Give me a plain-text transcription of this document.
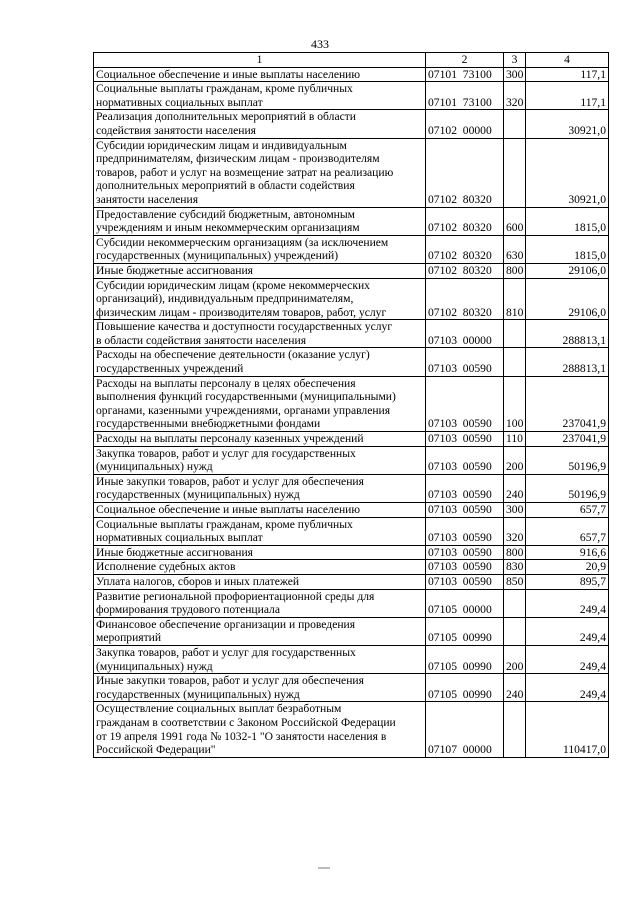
433
1	2	3	4
Социальное обеспечение и иные выплаты населению	07101  73100	300	117,1
Социальные выплаты гражданам, кроме публичных
нормативных социальных выплат	07101  73100	320	117,1
Реализация дополнительных мероприятий в области
содействия занятости населения	07102  00000		30921,0
Субсидии юридическим лицам и индивидуальным
предпринимателям, физическим лицам - производителям
товаров, работ и услуг на возмещение затрат на реализацию
дополнительных мероприятий в области содействия
занятости населения	07102  80320		30921,0
Предоставление субсидий бюджетным, автономным
учреждениям и иным некоммерческим организациям	07102  80320	600	1815,0
Субсидии некоммерческим организациям (за исключением
государственных (муниципальных) учреждений)	07102  80320	630	1815,0
Иные бюджетные ассигнования	07102  80320	800	29106,0
Субсидии юридическим лицам (кроме некоммерческих
организаций), индивидуальным предпринимателям,
физическим лицам - производителям товаров, работ, услуг	07102  80320	810	29106,0
Повышение качества и доступности государственных услуг
в области содействия занятости населения	07103  00000		288813,1
Расходы на обеспечение деятельности (оказание услуг)
государственных учреждений	07103  00590		288813,1
Расходы на выплаты персоналу в целях обеспечения
выполнения функций государственными (муниципальными)
органами, казенными учреждениями, органами управления
государственными внебюджетными фондами	07103  00590	100	237041,9
Расходы на выплаты персоналу казенных учреждений	07103  00590	110	237041,9
Закупка товаров, работ и услуг для государственных
(муниципальных) нужд	07103  00590	200	50196,9
Иные закупки товаров, работ и услуг для обеспечения
государственных (муниципальных) нужд	07103  00590	240	50196,9
Социальное обеспечение и иные выплаты населению	07103  00590	300	657,7
Социальные выплаты гражданам, кроме публичных
нормативных социальных выплат	07103  00590	320	657,7
Иные бюджетные ассигнования	07103  00590	800	916,6
Исполнение судебных актов	07103  00590	830	20,9
Уплата налогов, сборов и иных платежей	07103  00590	850	895,7
Развитие региональной профориентационной среды для
формирования трудового потенциала	07105  00000		249,4
Финансовое обеспечение организации и проведения
мероприятий	07105  00990		249,4
Закупка товаров, работ и услуг для государственных
(муниципальных) нужд	07105  00990	200	249,4
Иные закупки товаров, работ и услуг для обеспечения
государственных (муниципальных) нужд	07105  00990	240	249,4
Осуществление социальных выплат безработным
гражданам в соответствии с Законом Российской Федерации
от 19 апреля 1991 года № 1032-1 "О занятости населения в
Российской Федерации"	07107  00000		110417,0
